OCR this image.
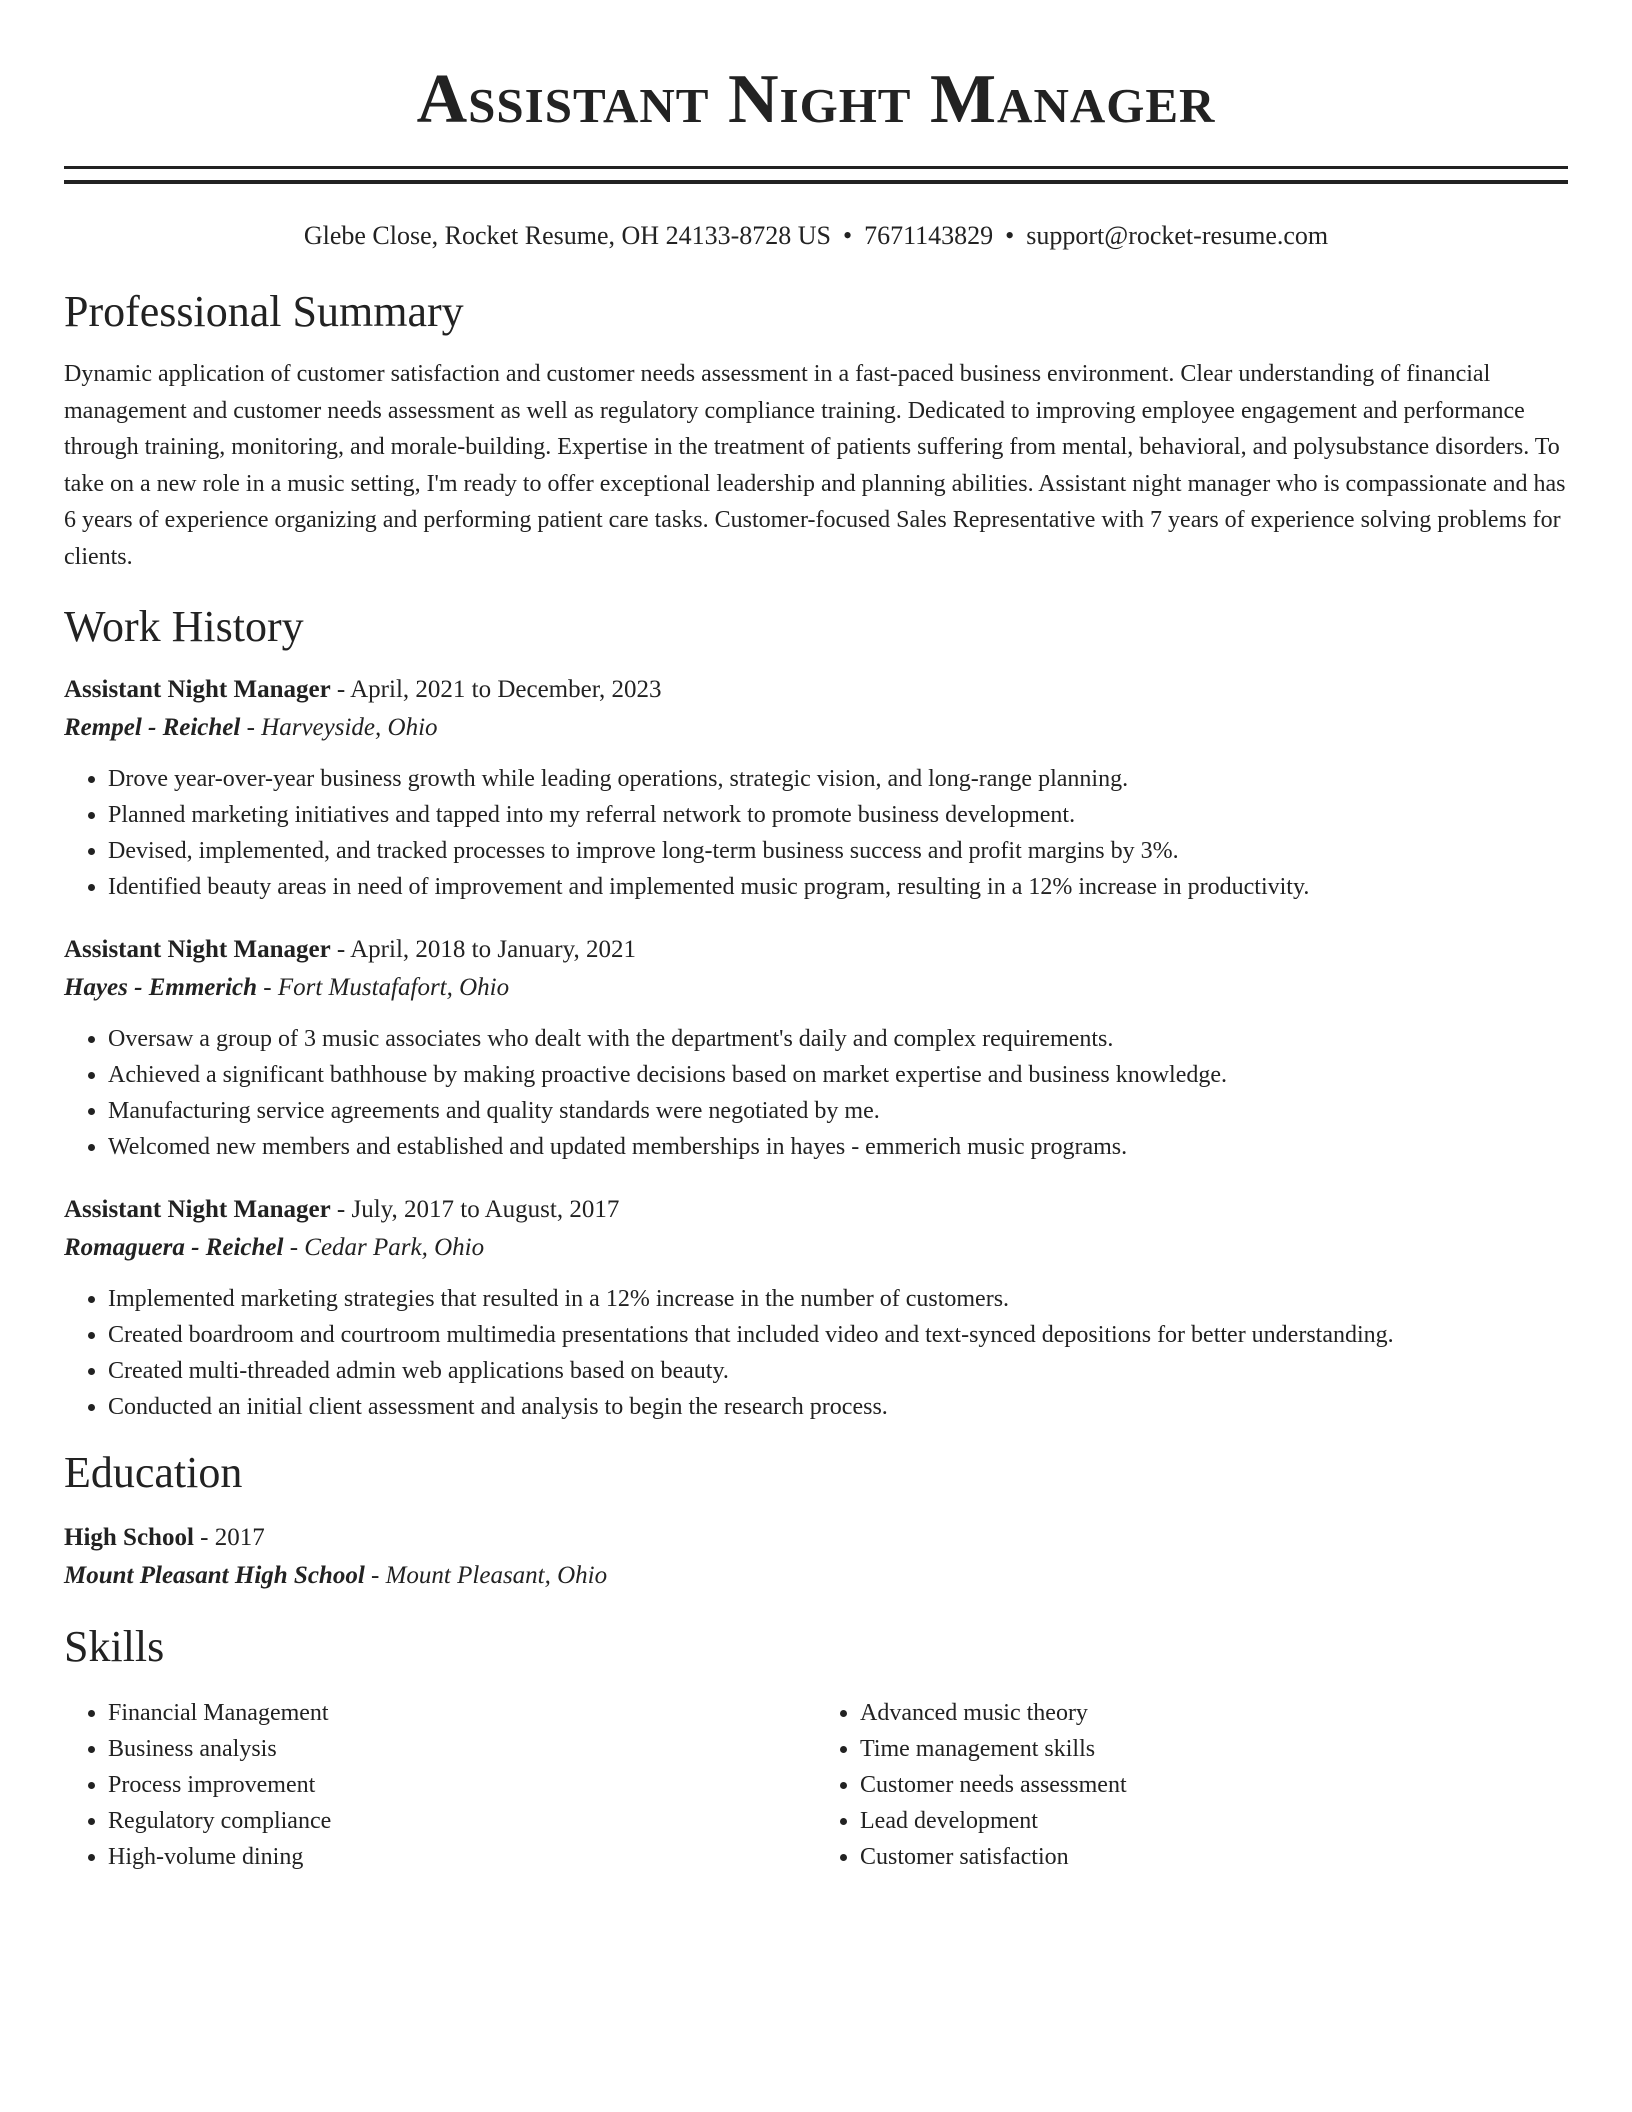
Assistant Night Manager
Glebe Close, Rocket Resume, OH 24133-8728 US • 7671143829 • support@rocket-resume.com
Professional Summary

Dynamic application of customer satisfaction and customer needs assessment in a fast-paced business environment. Clear understanding of financial management and customer needs assessment as well as regulatory compliance training. Dedicated to improving employee engagement and performance through training, monitoring, and morale-building. Expertise in the treatment of patients suffering from mental, behavioral, and polysubstance disorders. To take on a new role in a music setting, I'm ready to offer exceptional leadership and planning abilities. Assistant night manager who is compassionate and has 6 years of experience organizing and performing patient care tasks. Customer-focused Sales Representative with 7 years of experience solving problems for clients.

Work History
Assistant Night Manager - April, 2021 to December, 2023
Rempel - Reichel - Harveyside, Ohio
• Drove year-over-year business growth while leading operations, strategic vision, and long-range planning.
• Planned marketing initiatives and tapped into my referral network to promote business development.
• Devised, implemented, and tracked processes to improve long-term business success and profit margins by 3%.
• Identified beauty areas in need of improvement and implemented music program, resulting in a 12% increase in productivity.
Assistant Night Manager - April, 2018 to January, 2021
Hayes - Emmerich - Fort Mustafafort, Ohio
• Oversaw a group of 3 music associates who dealt with the department's daily and complex requirements.
• Achieved a significant bathhouse by making proactive decisions based on market expertise and business knowledge.
• Manufacturing service agreements and quality standards were negotiated by me.
• Welcomed new members and established and updated memberships in hayes - emmerich music programs.
Assistant Night Manager - July, 2017 to August, 2017
Romaguera - Reichel - Cedar Park, Ohio
• Implemented marketing strategies that resulted in a 12% increase in the number of customers.
• Created boardroom and courtroom multimedia presentations that included video and text-synced depositions for better understanding.
• Created multi-threaded admin web applications based on beauty.
• Conducted an initial client assessment and analysis to begin the research process.
Education
High School - 2017
Mount Pleasant High School - Mount Pleasant, Ohio
Skills
• Financial Management
• Business analysis
• Process improvement
• Regulatory compliance
• High-volume dining
• Advanced music theory
• Time management skills
• Customer needs assessment
• Lead development
• Customer satisfaction
